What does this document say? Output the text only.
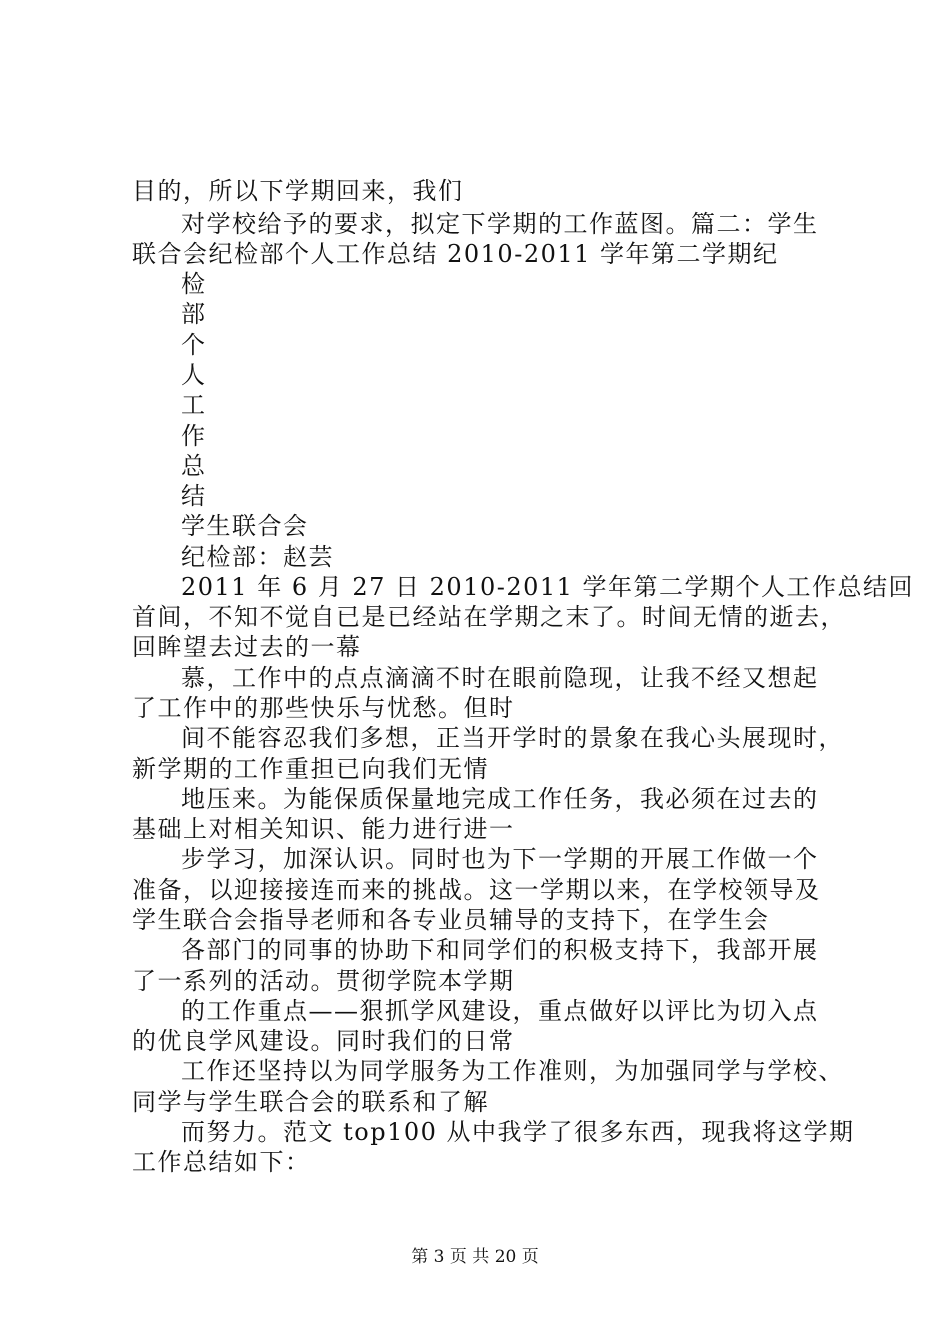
目的，所以下学期回来，我们
对学校给予的要求，拟定下学期的工作蓝图。篇二：学生
联合会纪检部个人工作总结 2010-2011 学年第二学期纪
检
部
个
人
工
作
总
结
学生联合会
纪检部：赵芸
2011 年 6 月 27 日 2010-2011 学年第二学期个人工作总结回
首间，不知不觉自已是已经站在学期之末了。时间无情的逝去，
回眸望去过去的一幕
慕，工作中的点点滴滴不时在眼前隐现，让我不经又想起
了工作中的那些快乐与忧愁。但时
间不能容忍我们多想，正当开学时的景象在我心头展现时，
新学期的工作重担已向我们无情
地压来。为能保质保量地完成工作任务，我必须在过去的
基础上对相关知识、能力进行进一
步学习，加深认识。同时也为下一学期的开展工作做一个
准备，以迎接接连而来的挑战。这一学期以来，在学校领导及
学生联合会指导老师和各专业员辅导的支持下，在学生会
各部门的同事的协助下和同学们的积极支持下，我部开展
了一系列的活动。贯彻学院本学期
的工作重点——狠抓学风建设，重点做好以评比为切入点
的优良学风建设。同时我们的日常
工作还坚持以为同学服务为工作准则，为加强同学与学校、
同学与学生联合会的联系和了解
而努力。范文 top100 从中我学了很多东西，现我将这学期
工作总结如下：
第 3 页 共 20 页
